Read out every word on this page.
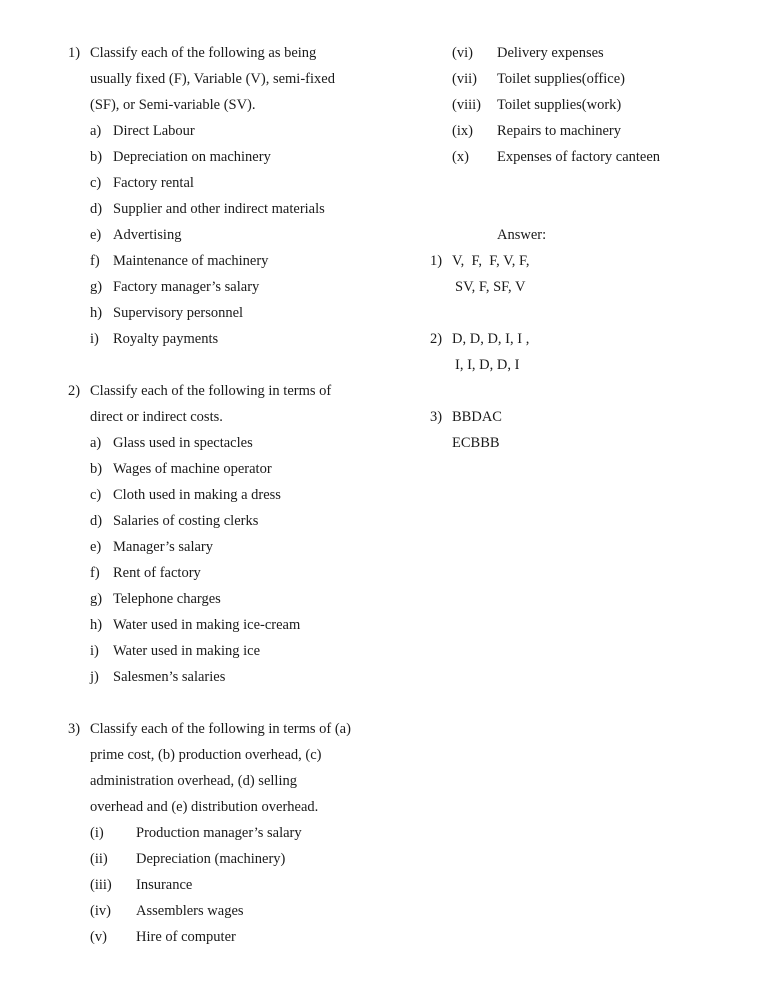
1) Classify each of the following as being
usually fixed (F), Variable (V), semi-fixed
(SF), or Semi-variable (SV).
a) Direct Labour
b) Depreciation on machinery
c) Factory rental
d) Supplier and other indirect materials
e) Advertising
f) Maintenance of machinery
g) Factory manager’s salary
h) Supervisory personnel
i) Royalty payments
2) Classify each of the following in terms of
direct or indirect costs.
a) Glass used in spectacles
b) Wages of machine operator
c) Cloth used in making a dress
d) Salaries of costing clerks
e) Manager’s salary
f) Rent of factory
g) Telephone charges
h) Water used in making ice-cream
i) Water used in making ice
j) Salesmen’s salaries
3) Classify each of the following in terms of (a)
prime cost, (b) production overhead, (c)
administration overhead, (d) selling
overhead and (e) distribution overhead.
(i) Production manager’s salary
(ii) Depreciation (machinery)
(iii) Insurance
(iv) Assemblers wages
(v) Hire of computer
(vi) Delivery expenses
(vii) Toilet supplies(office)
(viii) Toilet supplies(work)
(ix) Repairs to machinery
(x) Expenses of factory canteen
Answer:
1) V,  F,  F, V, F,
SV, F, SF, V
2) D, D, D, I, I ,
I, I, D, D, I
3) BBDAC
ECBBB
